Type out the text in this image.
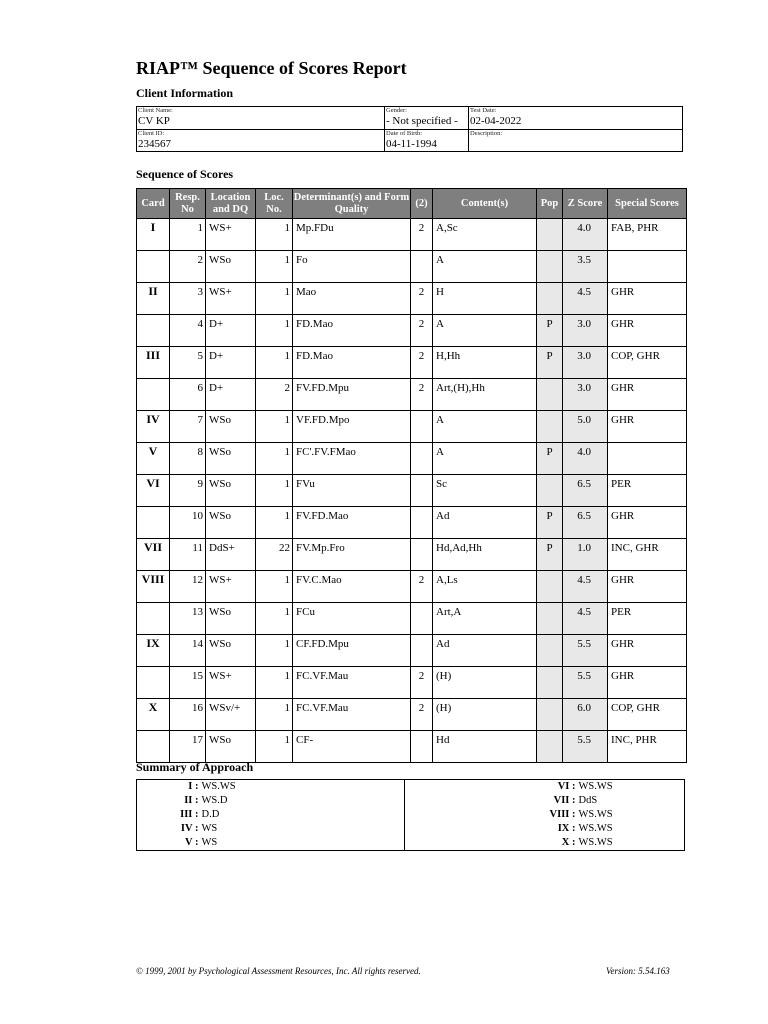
RIAP™ Sequence of Scores Report
Client Information
Client Name:
CV KP
Gender:
- Not specified -
Test Date:
02-04-2022
Client ID:
234567
Date of Birth:
04-11-1994
Description:
Sequence of Scores
Card	Resp. No	Location and DQ	Loc. No.	Determinant(s) and Form Quality	(2)	Content(s)	Pop	Z Score	Special Scores
I	1	WS+	1	Mp.FDu	2	A,Sc		4.0	FAB, PHR
	2	WSo	1	Fo		A		3.5	
II	3	WS+	1	Mao	2	H		4.5	GHR
	4	D+	1	FD.Mao	2	A	P	3.0	GHR
III	5	D+	1	FD.Mao	2	H,Hh	P	3.0	COP, GHR
	6	D+	2	FV.FD.Mpu	2	Art,(H),Hh		3.0	GHR
IV	7	WSo	1	VF.FD.Mpo		A		5.0	GHR
V	8	WSo	1	FC'.FV.FMao		A	P	4.0	
VI	9	WSo	1	FVu		Sc		6.5	PER
	10	WSo	1	FV.FD.Mao		Ad	P	6.5	GHR
VII	11	DdS+	22	FV.Mp.Fro		Hd,Ad,Hh	P	1.0	INC, GHR
VIII	12	WS+	1	FV.C.Mao	2	A,Ls		4.5	GHR
	13	WSo	1	FCu		Art,A		4.5	PER
IX	14	WSo	1	CF.FD.Mpu		Ad		5.5	GHR
	15	WS+	1	FC.VF.Mau	2	(H)		5.5	GHR
X	16	WSv/+	1	FC.VF.Mau	2	(H)		6.0	COP, GHR
	17	WSo	1	CF-		Hd		5.5	INC, PHR
Summary of Approach
I :	WS.WS	VI :	WS.WS
II :	WS.D	VII :	DdS
III :	D.D	VIII :	WS.WS
IV :	WS	IX :	WS.WS
V :	WS	X :	WS.WS
© 1999, 2001 by Psychological Assessment Resources, Inc. All rights reserved.	Version: 5.54.163
